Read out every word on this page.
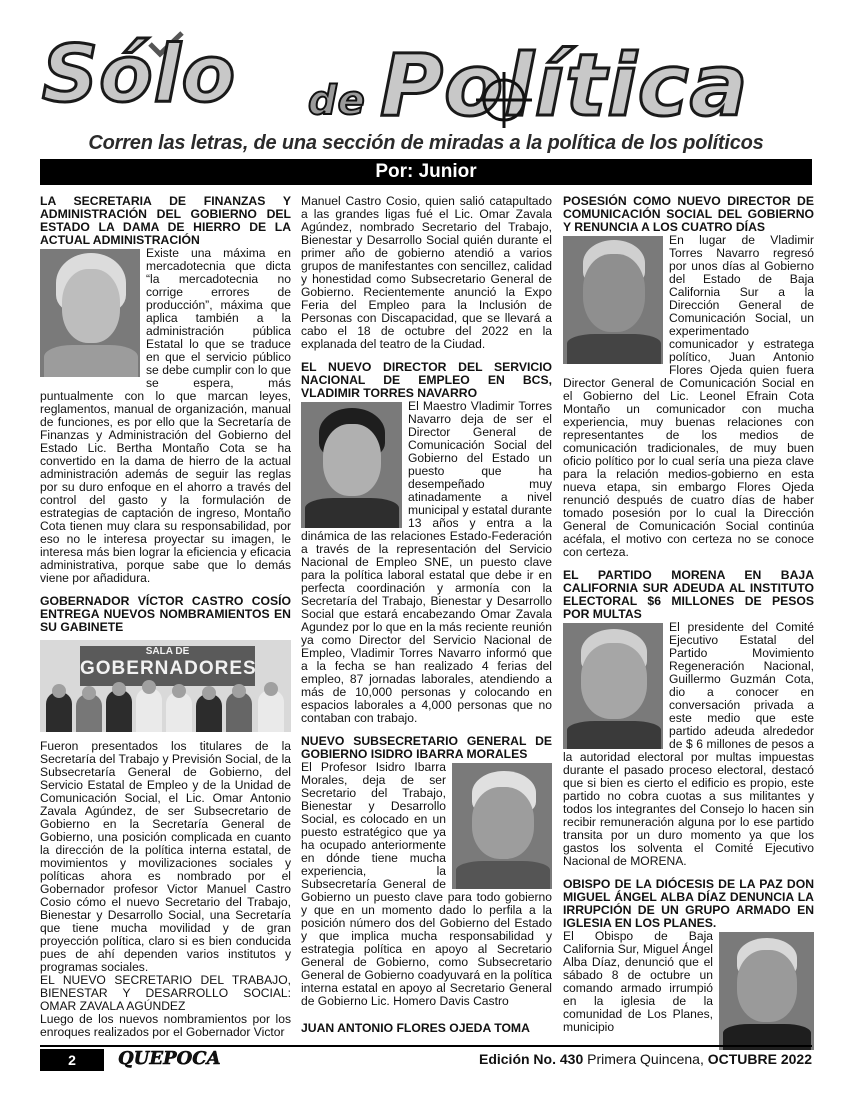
Sólo de Política
Corren las letras, de una sección de miradas a la política de los políticos
Por: Junior

LA SECRETARIA DE FINANZAS Y ADMINISTRACIÓN DEL GOBIERNO DEL ESTADO LA DAMA DE HIERRO DE LA ACTUAL ADMINISTRACIÓN

Existe una máxima en mercadotecnia que dicta “la mercadotecnia no corrige errores de producción”, máxima que aplica también a la administración pública Estatal lo que se traduce en que el servicio público se debe cumplir con lo que se espera, más puntualmente con lo que marcan leyes, reglamentos, manual de organización, manual de funciones, es por ello que la Secretaría de Finanzas y Administración del Gobierno del Estado Lic. Bertha Montaño Cota se ha convertido en la dama de hierro de la actual administración además de seguir las reglas por su duro enfoque en el ahorro a través del control del gasto y la formulación de estrategias de captación de ingreso, Montaño Cota tienen muy clara su responsabilidad, por eso no le interesa proyectar su imagen, le interesa más bien lograr la eficiencia y eficacia administrativa, porque sabe que lo demás viene por añadidura.

GOBERNADOR VÍCTOR CASTRO COSÍO ENTREGA NUEVOS NOMBRAMIENTOS EN SU GABINETE

SALA DE
GOBERNADORES

Fueron presentados los titulares de la Secretaría del Trabajo y Previsión Social, de la Subsecretaría General de Gobierno, del Servicio Estatal de Empleo y de la Unidad de Comunicación Social, el Lic. Omar Antonio Zavala Agúndez, de ser Subsecretario de Gobierno en la Secretaría General de Gobierno, una posición complicada en cuanto la dirección de la política interna estatal, de movimientos y movilizaciones sociales y políticas ahora es nombrado por el Gobernador profesor Victor Manuel Castro Cosio cómo el nuevo Secretario del Trabajo, Bienestar y Desarrollo Social, una Secretaría que tiene mucha movilidad y de gran proyección política, claro si es bien conducida pues de ahí dependen varios institutos y programas sociales.

EL NUEVO SECRETARIO DEL TRABAJO, BIENESTAR Y DESARROLLO SOCIAL: OMAR ZAVALA AGÚNDEZ

Luego de los nuevos nombramientos por los enroques realizados por el Gobernador Victor

Manuel Castro Cosio, quien salió catapultado a las grandes ligas fué el Lic. Omar Zavala Agúndez, nombrado Secretario del Trabajo, Bienestar y Desarrollo Social quién durante el primer año de gobierno atendió a varios grupos de manifestantes con sencillez, calidad y honestidad como Subsecretario General de Gobierno. Recientemente anunció la Expo Feria del Empleo para la Inclusión de Personas con Discapacidad, que se llevará a cabo el 18 de octubre del 2022 en la explanada del teatro de la Ciudad.

EL NUEVO DIRECTOR DEL SERVICIO NACIONAL DE EMPLEO EN BCS, VLADIMIR TORRES NAVARRO

El Maestro Vladimir Torres Navarro deja de ser el Director General de Comunicación Social del Gobierno del Estado un puesto que ha desempeñado muy atinadamente a nivel municipal y estatal durante 13 años y entra a la dinámica de las relaciones Estado-Federación a través de la representación del Servicio Nacional de Empleo SNE, un puesto clave para la política laboral estatal que debe ir en perfecta coordinación y armonía con la Secretaría del Trabajo, Bienestar y Desarrollo Social que estará encabezando Omar Zavala Agundez por lo que en la más reciente reunión ya como Director del Servicio Nacional de Empleo, Vladimir Torres Navarro informó que a la fecha se han realizado 4 ferias del empleo, 87 jornadas laborales, atendiendo a más de 10,000 personas y colocando en espacios laborales a 4,000 personas que no contaban con trabajo.

NUEVO SUBSECRETARIO GENERAL DE GOBIERNO ISIDRO IBARRA MORALES

El Profesor Isidro Ibarra Morales, deja de ser Secretario del Trabajo, Bienestar y Desarrollo Social, es colocado en un puesto estratégico que ya ha ocupado anteriormente en dónde tiene mucha experiencia, la Subsecretaría General de Gobierno un puesto clave para todo gobierno y que en un momento dado lo perfila a la posición número dos del Gobierno del Estado y que implica mucha responsabilidad y estrategia política en apoyo al Secretario General de Gobierno, como Subsecretario General de Gobierno coadyuvará en la política interna estatal en apoyo al Secretario General de Gobierno Lic. Homero Davis Castro

JUAN ANTONIO FLORES OJEDA TOMA

POSESIÓN COMO NUEVO DIRECTOR DE COMUNICACIÓN SOCIAL DEL GOBIERNO Y RENUNCIA A LOS CUATRO DÍAS

En lugar de Vladimir Torres Navarro regresó por unos días al Gobierno del Estado de Baja California Sur a la Dirección General de Comunicación Social, un experimentado comunicador y estratega político, Juan Antonio Flores Ojeda quien fuera Director General de Comunicación Social en el Gobierno del Lic. Leonel Efrain Cota Montaño un comunicador con mucha experiencia, muy buenas relaciones con representantes de los medios de comunicación tradicionales, de muy buen oficio político por lo cual sería una pieza clave para la relación medios-gobierno en esta nueva etapa, sin embargo Flores Ojeda renunció después de cuatro días de haber tomado posesión por lo cual la Dirección General de Comunicación Social continúa acéfala, el motivo con certeza no se conoce con certeza.

EL PARTIDO MORENA EN BAJA CALIFORNIA SUR ADEUDA AL INSTITUTO ELECTORAL $6 MILLONES DE PESOS POR MULTAS

El presidente del Comité Ejecutivo Estatal del Partido Movimiento Regeneración Nacional, Guillermo Guzmán Cota, dio a conocer en conversación privada a este medio que este partido adeuda alrededor de $ 6 millones de pesos a la autoridad electoral por multas impuestas durante el pasado proceso electoral, destacó que si bien es cierto el edificio es propio, este partido no cobra cuotas a sus militantes y todos los integrantes del Consejo lo hacen sin recibir remuneración alguna por lo ese partido transita por un duro momento ya que los gastos los solventa el Comité Ejecutivo Nacional de MORENA.

OBISPO DE LA DIÓCESIS DE LA PAZ DON MIGUEL ÁNGEL ALBA DÍAZ DENUNCIA LA IRRUPCIÓN DE UN GRUPO ARMADO EN IGLESIA EN LOS PLANES.

El Obispo de Baja California Sur, Miguel Ángel Alba Díaz, denunció que el sábado 8 de octubre un comando armado irrumpió en la iglesia de la comunidad de Los Planes, municipio

2	QUEPOCA	Edición No. 430 Primera Quincena, OCTUBRE 2022
